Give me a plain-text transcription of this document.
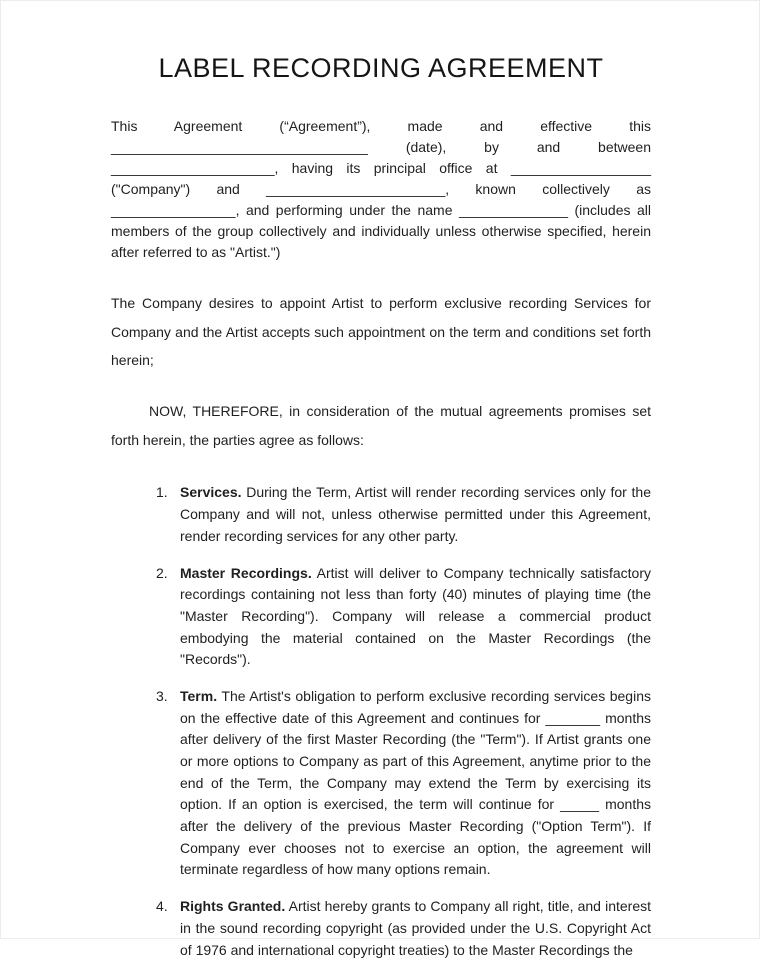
LABEL RECORDING AGREEMENT

This Agreement (“Agreement”), made and effective this _________________________________ (date), by and between _____________________, having its principal office at __________________ ("Company") and _______________________, known collectively as ________________, and performing under the name ______________ (includes all members of the group collectively and individually unless otherwise specified, herein after referred to as "Artist.")

The Company desires to appoint Artist to perform exclusive recording Services for Company and the Artist accepts such appointment on the term and conditions set forth herein;

NOW, THEREFORE, in consideration of the mutual agreements promises set forth herein, the parties agree as follows:

1. Services. During the Term, Artist will render recording services only for the Company and will not, unless otherwise permitted under this Agreement, render recording services for any other party.
2. Master Recordings. Artist will deliver to Company technically satisfactory recordings containing not less than forty (40) minutes of playing time (the "Master Recording"). Company will release a commercial product embodying the material contained on the Master Recordings (the "Records").
3. Term. The Artist's obligation to perform exclusive recording services begins on the effective date of this Agreement and continues for _______ months after delivery of the first Master Recording (the "Term"). If Artist grants one or more options to Company as part of this Agreement, anytime prior to the end of the Term, the Company may extend the Term by exercising its option. If an option is exercised, the term will continue for _____ months after the delivery of the previous Master Recording ("Option Term"). If Company ever chooses not to exercise an option, the agreement will terminate regardless of how many options remain.
4. Rights Granted. Artist hereby grants to Company all right, title, and interest in the sound recording copyright (as provided under the U.S. Copyright Act of 1976 and international copyright treaties) to the Master Recordings the
